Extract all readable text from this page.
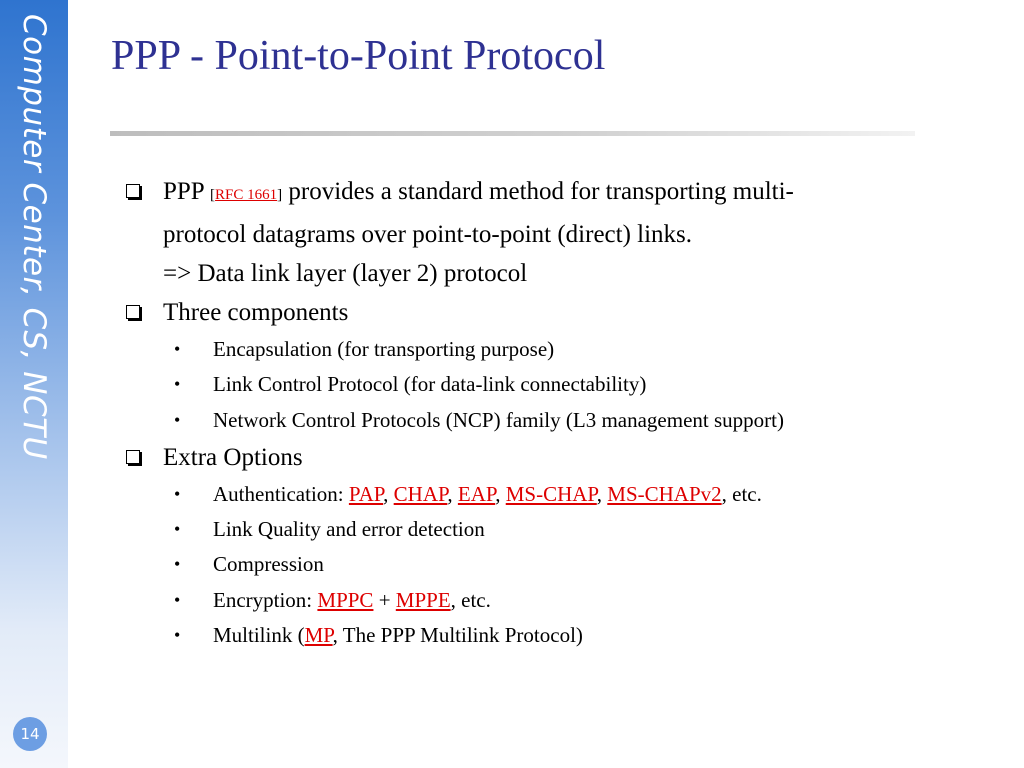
Computer Center, CS, NCTU
14
PPP - Point-to-Point Protocol
PPP [RFC 1661] provides a standard method for transporting multi-
protocol datagrams over point-to-point (direct) links.
=> Data link layer (layer 2) protocol
Three components
• Encapsulation (for transporting purpose)
• Link Control Protocol (for data-link connectability)
• Network Control Protocols (NCP) family (L3 management support)
Extra Options
• Authentication: PAP, CHAP, EAP, MS-CHAP, MS-CHAPv2, etc.
• Link Quality and error detection
• Compression
• Encryption: MPPC + MPPE, etc.
• Multilink (MP, The PPP Multilink Protocol)
